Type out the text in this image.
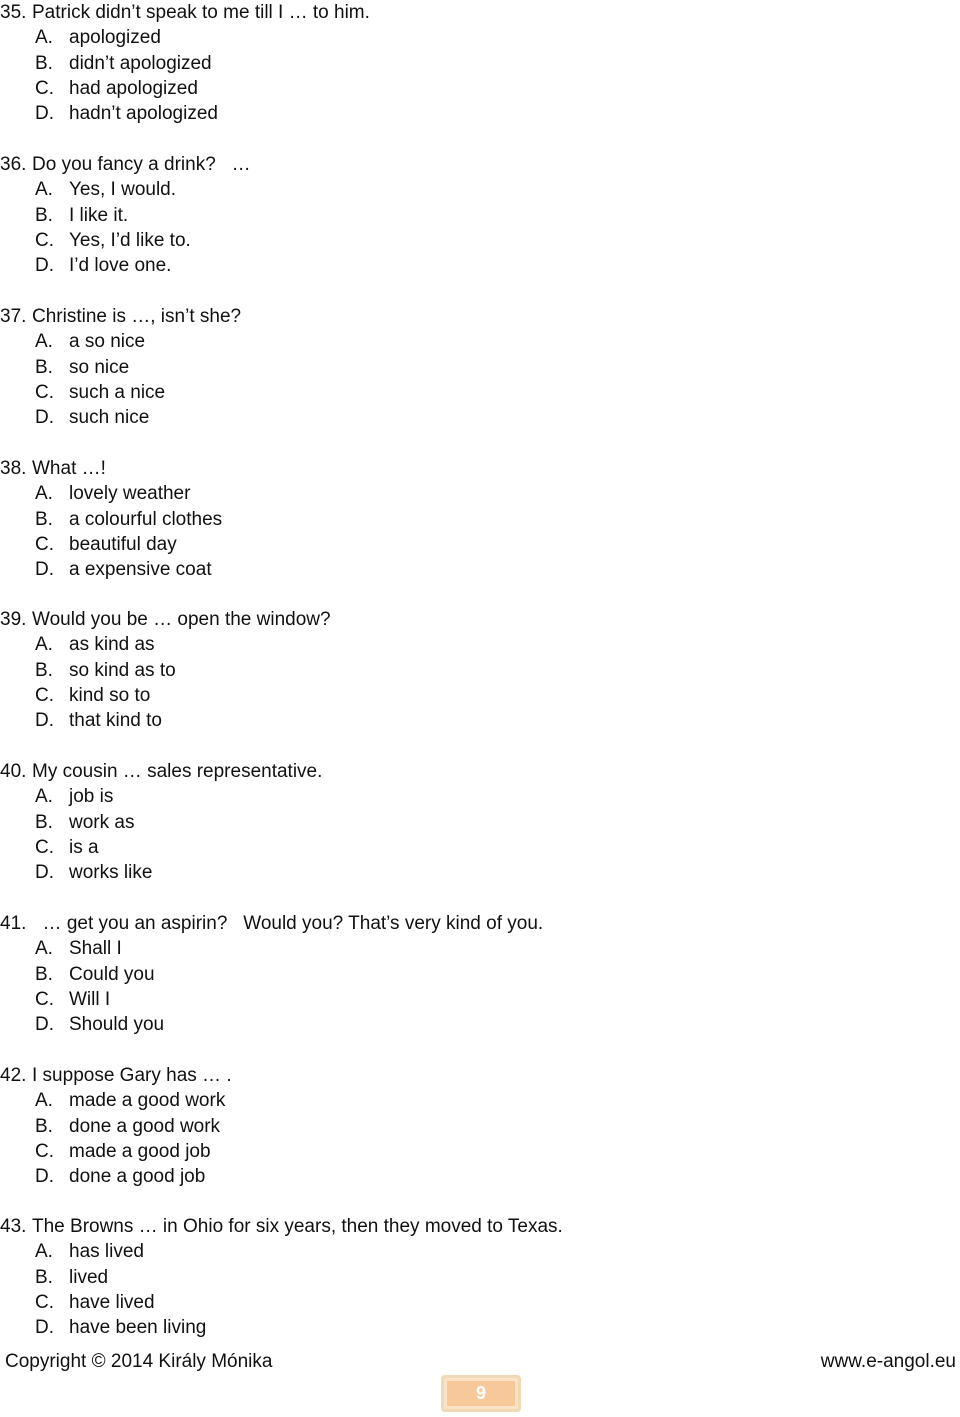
35. Patrick didn’t speak to me till I … to him.
A. apologized
B. didn’t apologized
C. had apologized
D. hadn’t apologized
36. Do you fancy a drink?   …
A. Yes, I would.
B. I like it.
C. Yes, I’d like to.
D. I’d love one.
37. Christine is …, isn’t she?
A. a so nice
B. so nice
C. such a nice
D. such nice
38. What …!
A. lovely weather
B. a colourful clothes
C. beautiful day
D. a expensive coat
39. Would you be … open the window?
A. as kind as
B. so kind as to
C. kind so to
D. that kind to
40. My cousin … sales representative.
A. job is
B. work as
C. is a
D. works like
41. … get you an aspirin?   Would you? That’s very kind of you.
A. Shall I
B. Could you
C. Will I
D. Should you
42. I suppose Gary has … .
A. made a good work
B. done a good work
C. made a good job
D. done a good job
43. The Browns … in Ohio for six years, then they moved to Texas.
A. has lived
B. lived
C. have lived
D. have been living
Copyright © 2014 Király Mónika	www.e-angol.eu
9
